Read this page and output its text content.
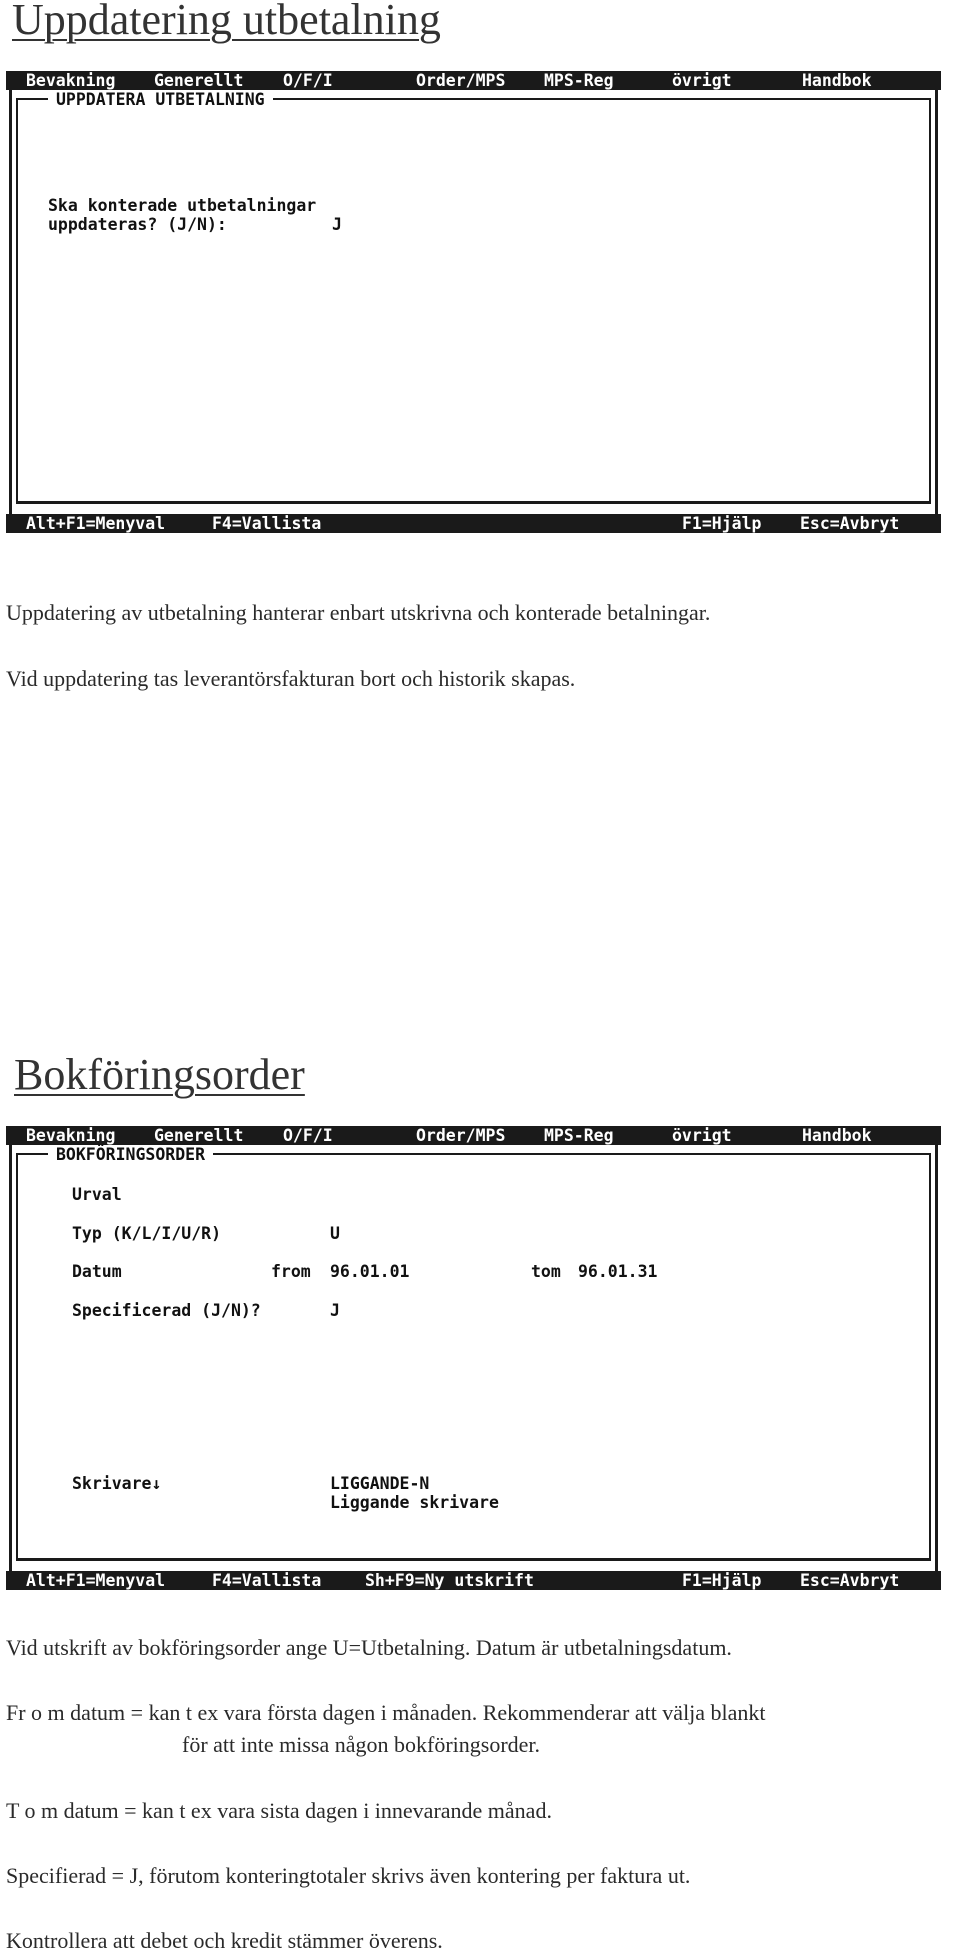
Uppdatering utbetalning

Bevakning

Generellt

O/F/I

	Order/MPS

MPS-Reg

	övrigt

	Handbok

UPPDATERA UTBETALNING
Ska konterade utbetalningar
uppdateras? (J/N):	J

Alt+F1=Menyval

	F4=Vallista

	F1=Hjälp

Esc=Avbryt

Uppdatering av utbetalning hanterar enbart utskrivna och konterade betalningar.

Vid uppdatering tas leverantörsfakturan bort och historik skapas.

Bokföringsorder

Bevakning

Generellt

O/F/I

	Order/MPS

MPS-Reg

	övrigt

	Handbok

BOKFÖRINGSORDER
Urval
Typ (K/L/I/U/R)	U
Datum	from 96.01.01	tom 96.01.31
Specificerad (J/N)?	J
Skrivare↓	LIGGANDE-N
Liggande skrivare

Alt+F1=Menyval

	F4=Vallista

	Sh+F9=Ny utskrift

	F1=Hjälp

Esc=Avbryt

Vid utskrift av bokföringsorder ange U=Utbetalning. Datum är utbetalningsdatum.

Fr o m datum = kan t ex vara första dagen i månaden. Rekommenderar att välja blankt

för att inte missa någon bokföringsorder.

T o m datum = kan t ex vara sista dagen i innevarande månad.

Specifierad = J, förutom konteringtotaler skrivs även kontering per faktura ut.

Kontrollera att debet och kredit stämmer överens.
